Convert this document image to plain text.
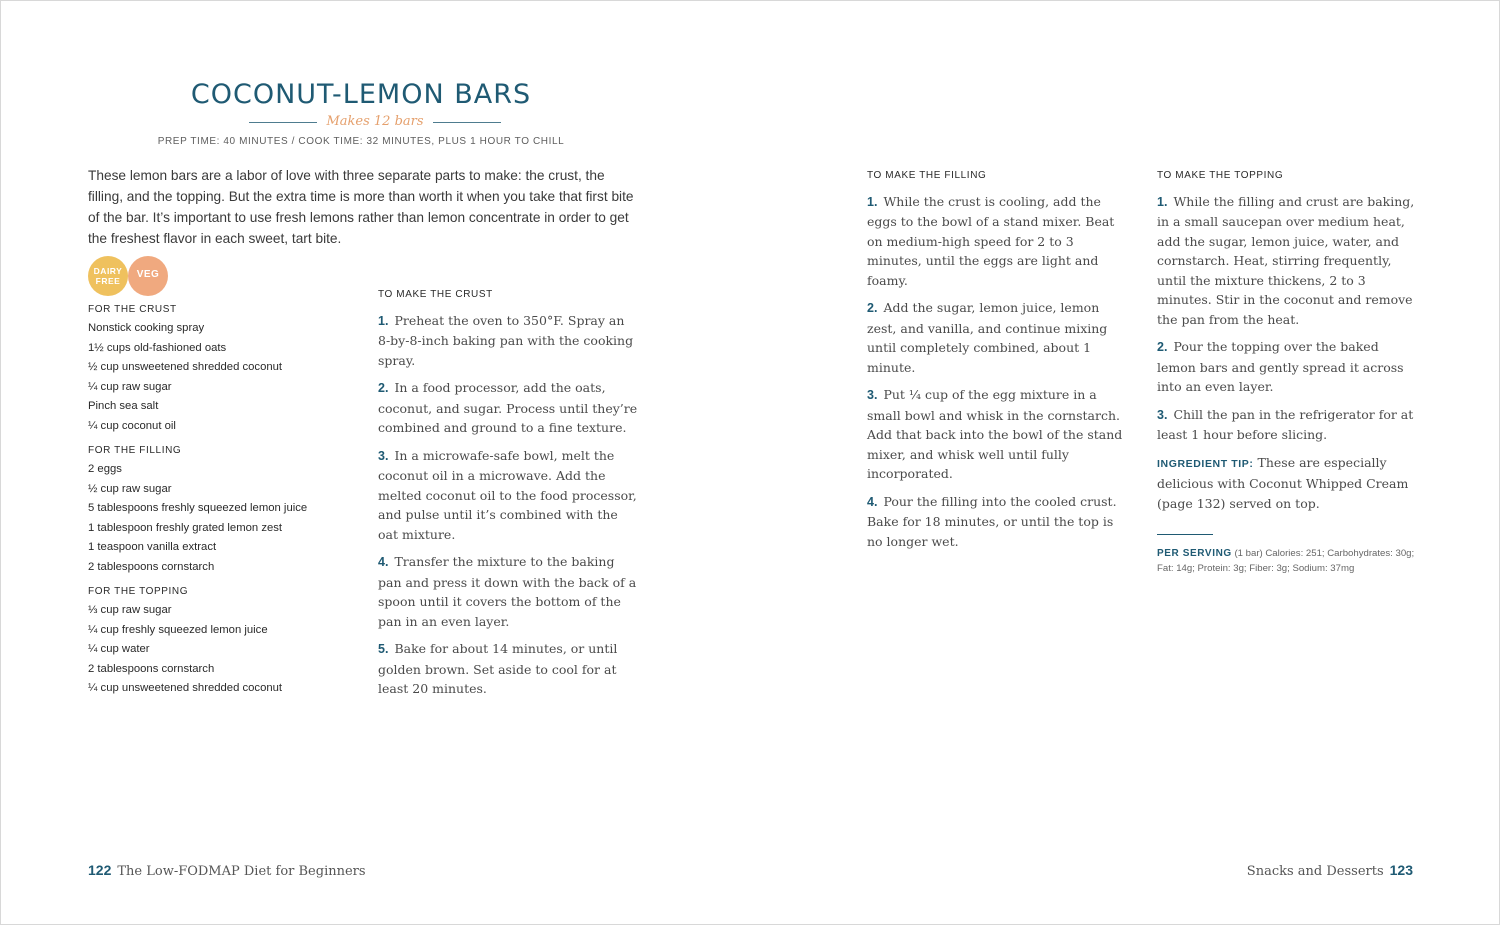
COCONUT-LEMON BARS
Makes 12 bars
PREP TIME: 40 MINUTES / COOK TIME: 32 MINUTES, PLUS 1 HOUR TO CHILL

These lemon bars are a labor of love with three separate parts to make: the crust, the filling, and the topping. But the extra time is more than worth it when you take that first bite of the bar. It’s important to use fresh lemons rather than lemon concentrate in order to get the freshest flavor in each sweet, tart bite.

DAIRY
FREE
VEG
FOR THE CRUST
Nonstick cooking spray
1½ cups old-fashioned oats
½ cup unsweetened shredded coconut
¼ cup raw sugar
Pinch sea salt
¼ cup coconut oil
FOR THE FILLING
2 eggs
½ cup raw sugar
5 tablespoons freshly squeezed lemon juice
1 tablespoon freshly grated lemon zest
1 teaspoon vanilla extract
2 tablespoons cornstarch
FOR THE TOPPING
⅓ cup raw sugar
¼ cup freshly squeezed lemon juice
¼ cup water
2 tablespoons cornstarch
¼ cup unsweetened shredded coconut
TO MAKE THE CRUST

1. Preheat the oven to 350°F. Spray an 8-by-8-inch baking pan with the cooking spray.

2. In a food processor, add the oats, coconut, and sugar. Process until they’re combined and ground to a fine texture.

3. In a microwafe-safe bowl, melt the coconut oil in a microwave. Add the melted coconut oil to the food processor, and pulse until it’s combined with the oat mixture.

4. Transfer the mixture to the baking pan and press it down with the back of a spoon until it covers the bottom of the pan in an even layer.

5. Bake for about 14 minutes, or until golden brown. Set aside to cool for at least 20 minutes.

122 The Low-FODMAP Diet for Beginners
TO MAKE THE FILLING

1. While the crust is cooling, add the eggs to the bowl of a stand mixer. Beat on medium-high speed for 2 to 3 minutes, until the eggs are light and foamy.

2. Add the sugar, lemon juice, lemon zest, and vanilla, and continue mixing until completely combined, about 1 minute.

3. Put ¼ cup of the egg mixture in a small bowl and whisk in the cornstarch. Add that back into the bowl of the stand mixer, and whisk well until fully incorporated.

4. Pour the filling into the cooled crust. Bake for 18 minutes, or until the top is no longer wet.

TO MAKE THE TOPPING

1. While the filling and crust are baking, in a small saucepan over medium heat, add the sugar, lemon juice, water, and cornstarch. Heat, stirring frequently, until the mixture thickens, 2 to 3 minutes. Stir in the coconut and remove the pan from the heat.

2. Pour the topping over the baked lemon bars and gently spread it across into an even layer.

3. Chill the pan in the refrigerator for at least 1 hour before slicing.

INGREDIENT TIP: These are especially delicious with Coconut Whipped Cream (page 132) served on top.

PER SERVING (1 bar) Calories: 251; Carbohydrates: 30g; Fat: 14g; Protein: 3g; Fiber: 3g; Sodium: 37mg

Snacks and Desserts 123
